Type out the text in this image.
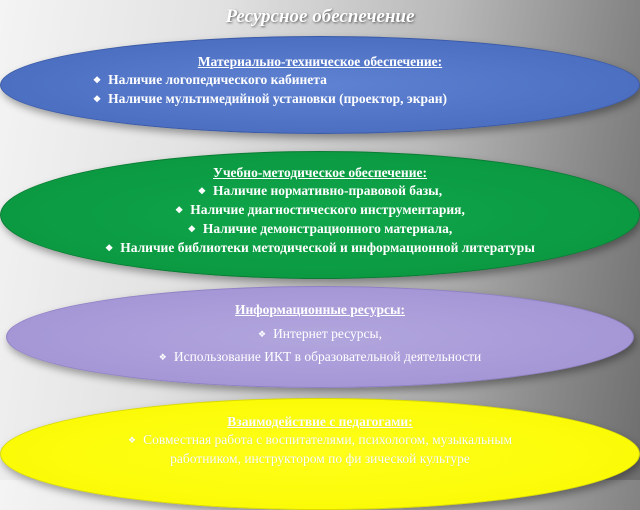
Ресурсное обеспечение
Материально-техническое обеспечение:
❖ Наличие логопедического кабинета
❖ Наличие мультимедийной установки (проектор, экран)
Учебно-методическое обеспечение:
❖ Наличие нормативно-правовой базы,
❖ Наличие диагностического инструментария,
❖ Наличие демонстрационного материала,
❖ Наличие библиотеки методической и информационной литературы
Информационные ресурсы:
❖ Интернет ресурсы,
❖ Использование ИКТ в образовательной деятельности
Взаимодействие с педагогами:
❖ Совместная работа с воспитателями, психологом, музыкальным работником, инструктором по фи зической культуре
